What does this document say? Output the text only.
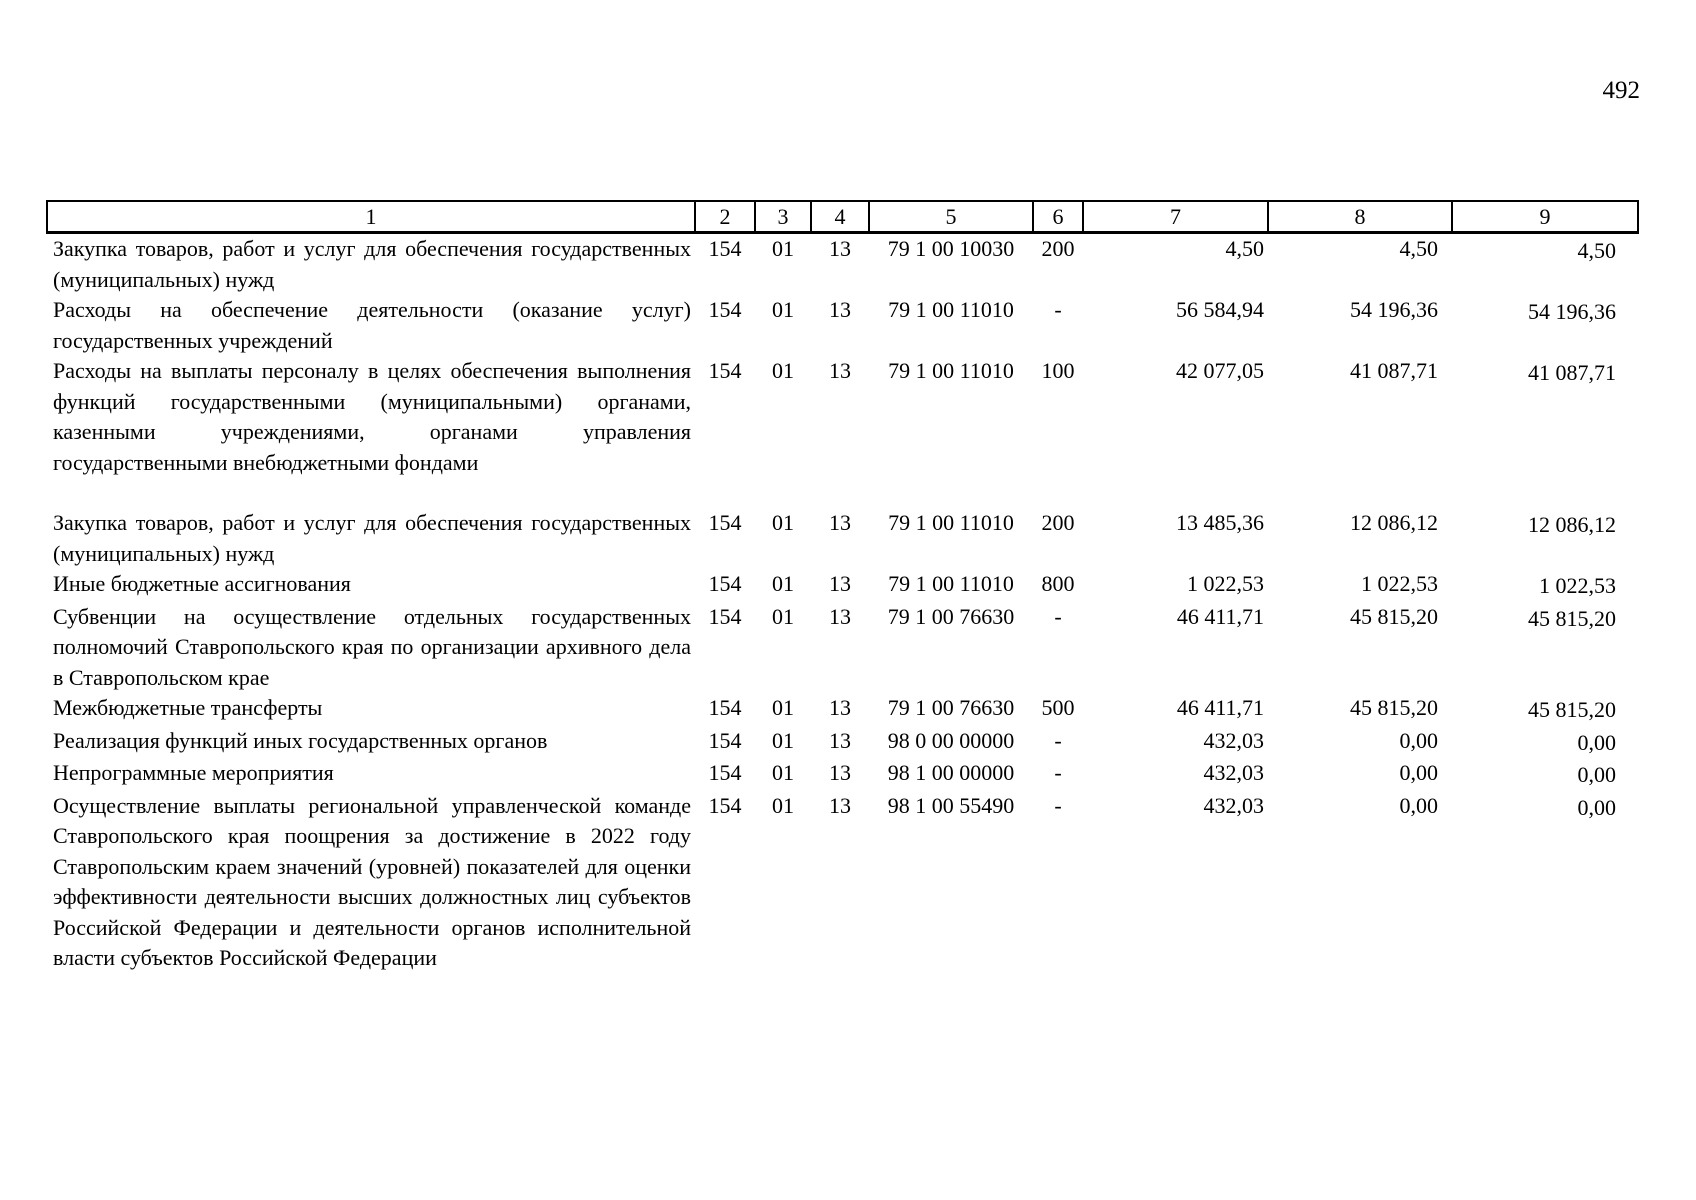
492
1	2	3	4	5	6	7	8	9
Закупка товаров, работ и услуг для обеспечения государственных (муниципальных) нужд	154	01	13	79 1 00 10030	200	4,50	4,50	4,50
Расходы на обеспечение деятельности (оказание услуг) государственных учреждений	154	01	13	79 1 00 11010	-	56 584,94	54 196,36	54 196,36
Расходы на выплаты персоналу в целях обеспечения выполнения функций государственными (муниципальными) органами, казенными учреждениями, органами управления государственными внебюджетными фондами	154	01	13	79 1 00 11010	100	42 077,05	41 087,71	41 087,71
Закупка товаров, работ и услуг для обеспечения государственных (муниципальных) нужд	154	01	13	79 1 00 11010	200	13 485,36	12 086,12	12 086,12
Иные бюджетные ассигнования	154	01	13	79 1 00 11010	800	1 022,53	1 022,53	1 022,53
Субвенции на осуществление отдельных государственных полномочий Ставропольского края по организации архивного дела в Ставропольском крае	154	01	13	79 1 00 76630	-	46 411,71	45 815,20	45 815,20
Межбюджетные трансферты	154	01	13	79 1 00 76630	500	46 411,71	45 815,20	45 815,20
Реализация функций иных государственных органов	154	01	13	98 0 00 00000	-	432,03	0,00	0,00
Непрограммные мероприятия	154	01	13	98 1 00 00000	-	432,03	0,00	0,00
Осуществление выплаты региональной управленческой команде Ставропольского края поощрения за достижение в 2022 году Ставропольским краем значений (уровней) показателей для оценки эффективности деятельности высших должностных лиц субъектов Российской Федерации и деятельности органов исполнительной власти субъектов Российской Федерации	154	01	13	98 1 00 55490	-	432,03	0,00	0,00
